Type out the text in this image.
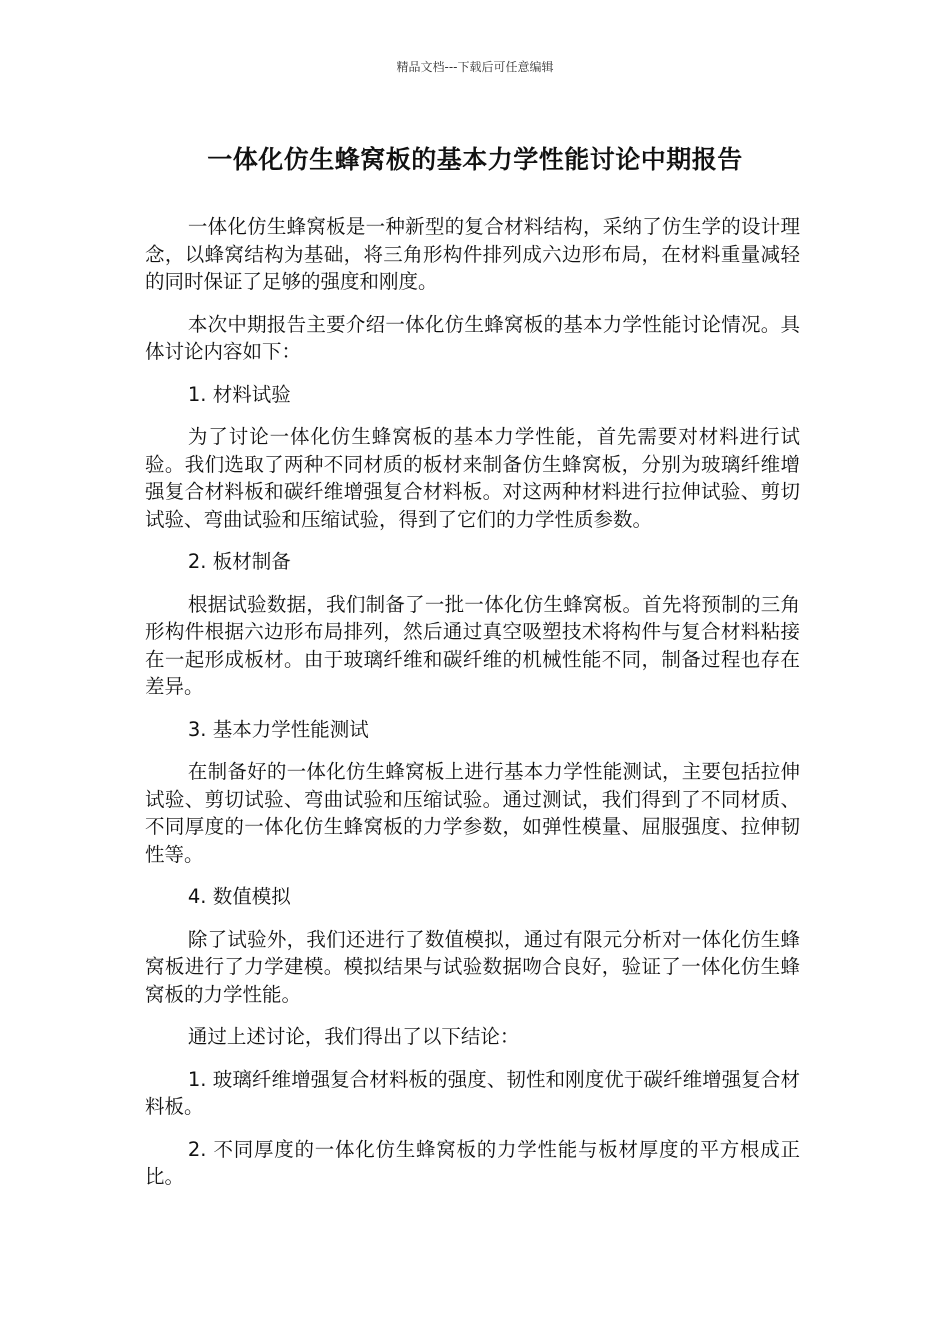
精品文档---下载后可任意编辑
一体化仿生蜂窝板的基本力学性能讨论中期报告

一体化仿生蜂窝板是一种新型的复合材料结构，采纳了仿生学的设计理念，以蜂窝结构为基础，将三角形构件排列成六边形布局，在材料重量减轻的同时保证了足够的强度和刚度。

本次中期报告主要介绍一体化仿生蜂窝板的基本力学性能讨论情况。具体讨论内容如下：

1. 材料试验

为了讨论一体化仿生蜂窝板的基本力学性能，首先需要对材料进行试验。我们选取了两种不同材质的板材来制备仿生蜂窝板，分别为玻璃纤维增强复合材料板和碳纤维增强复合材料板。对这两种材料进行拉伸试验、剪切试验、弯曲试验和压缩试验，得到了它们的力学性质参数。

2. 板材制备

根据试验数据，我们制备了一批一体化仿生蜂窝板。首先将预制的三角形构件根据六边形布局排列，然后通过真空吸塑技术将构件与复合材料粘接在一起形成板材。由于玻璃纤维和碳纤维的机械性能不同，制备过程也存在差异。

3. 基本力学性能测试

在制备好的一体化仿生蜂窝板上进行基本力学性能测试，主要包括拉伸试验、剪切试验、弯曲试验和压缩试验。通过测试，我们得到了不同材质、不同厚度的一体化仿生蜂窝板的力学参数，如弹性模量、屈服强度、拉伸韧性等。

4. 数值模拟

除了试验外，我们还进行了数值模拟，通过有限元分析对一体化仿生蜂窝板进行了力学建模。模拟结果与试验数据吻合良好，验证了一体化仿生蜂窝板的力学性能。

通过上述讨论，我们得出了以下结论：

1. 玻璃纤维增强复合材料板的强度、韧性和刚度优于碳纤维增强复合材料板。

2. 不同厚度的一体化仿生蜂窝板的力学性能与板材厚度的平方根成正比。
